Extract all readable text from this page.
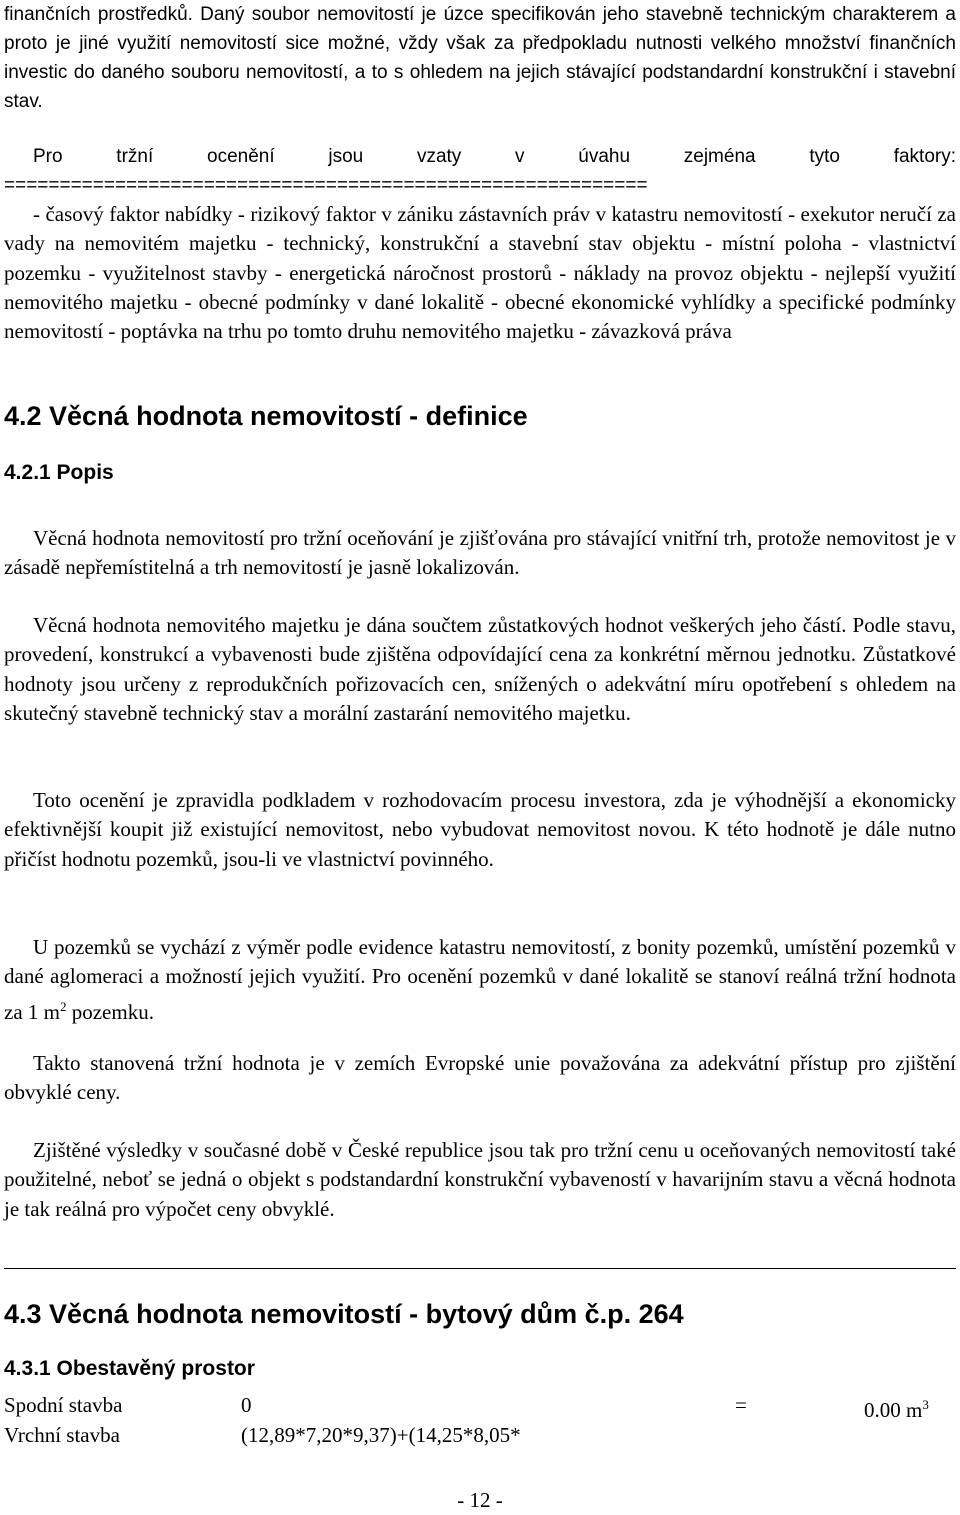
finančních prostředků. Daný soubor nemovitostí je úzce specifikován jeho stavebně technickým charakterem a proto je jiné využití nemovitostí sice možné, vždy však za předpokladu nutnosti velkého množství finančních investic do daného souboru nemovitostí, a to s ohledem na jejich stávající podstandardní konstrukční i stavební stav.

Pro tržní ocenění jsou vzaty v úvahu zejména tyto faktory:

==========================================================

- časový faktor nabídky - rizikový faktor v zániku zástavních práv v katastru nemovitostí - exekutor neručí za vady na nemovitém majetku - technický, konstrukční a stavební stav objektu - místní poloha - vlastnictví pozemku - využitelnost stavby - energetická náročnost prostorů - náklady na provoz objektu - nejlepší využití nemovitého majetku - obecné podmínky v dané lokalitě - obecné ekonomické vyhlídky a specifické podmínky nemovitostí - poptávka na trhu po tomto druhu nemovitého majetku - závazková práva

4.2 Věcná hodnota nemovitostí - definice
4.2.1 Popis

Věcná hodnota nemovitostí pro tržní oceňování je zjišťována pro stávající vnitřní trh, protože nemovitost je v zásadě nepřemístitelná a trh nemovitostí je jasně lokalizován.

Věcná hodnota nemovitého majetku je dána součtem zůstatkových hodnot veškerých jeho částí. Podle stavu, provedení, konstrukcí a vybavenosti bude zjištěna odpovídající cena za konkrétní měrnou jednotku. Zůstatkové hodnoty jsou určeny z reprodukčních pořizovacích cen, snížených o adekvátní míru opotřebení s ohledem na skutečný stavebně technický stav a morální zastarání nemovitého majetku.

Toto ocenění je zpravidla podkladem v rozhodovacím procesu investora, zda je výhodnější a ekonomicky efektivnější koupit již existující nemovitost, nebo vybudovat nemovitost novou. K této hodnotě je dále nutno přičíst hodnotu pozemků, jsou-li ve vlastnictví povinného.

U pozemků se vychází z výměr podle evidence katastru nemovitostí, z bonity pozemků, umístění pozemků v dané aglomeraci a možností jejich využití. Pro ocenění pozemků v dané lokalitě se stanoví reálná tržní hodnota za 1 $m^2$ pozemku.

Takto stanovená tržní hodnota je v zemích Evropské unie považována za adekvátní přístup pro zjištění obvyklé ceny.

Zjištěné výsledky v současné době v České republice jsou tak pro tržní cenu u oceňovaných nemovitostí také použitelné, neboť se jedná o objekt s podstandardní konstrukční vybaveností v havarijním stavu a věcná hodnota je tak reálná pro výpočet ceny obvyklé.

4.3 Věcná hodnota nemovitostí - bytový dům č.p. 264
4.3.1 Obestavěný prostor
Spodní stavba	0	=	0.00 $m^3$
Vrchní stavba	(12,89*7,20*9,37)+(14,25*8,05*
- 12 -
